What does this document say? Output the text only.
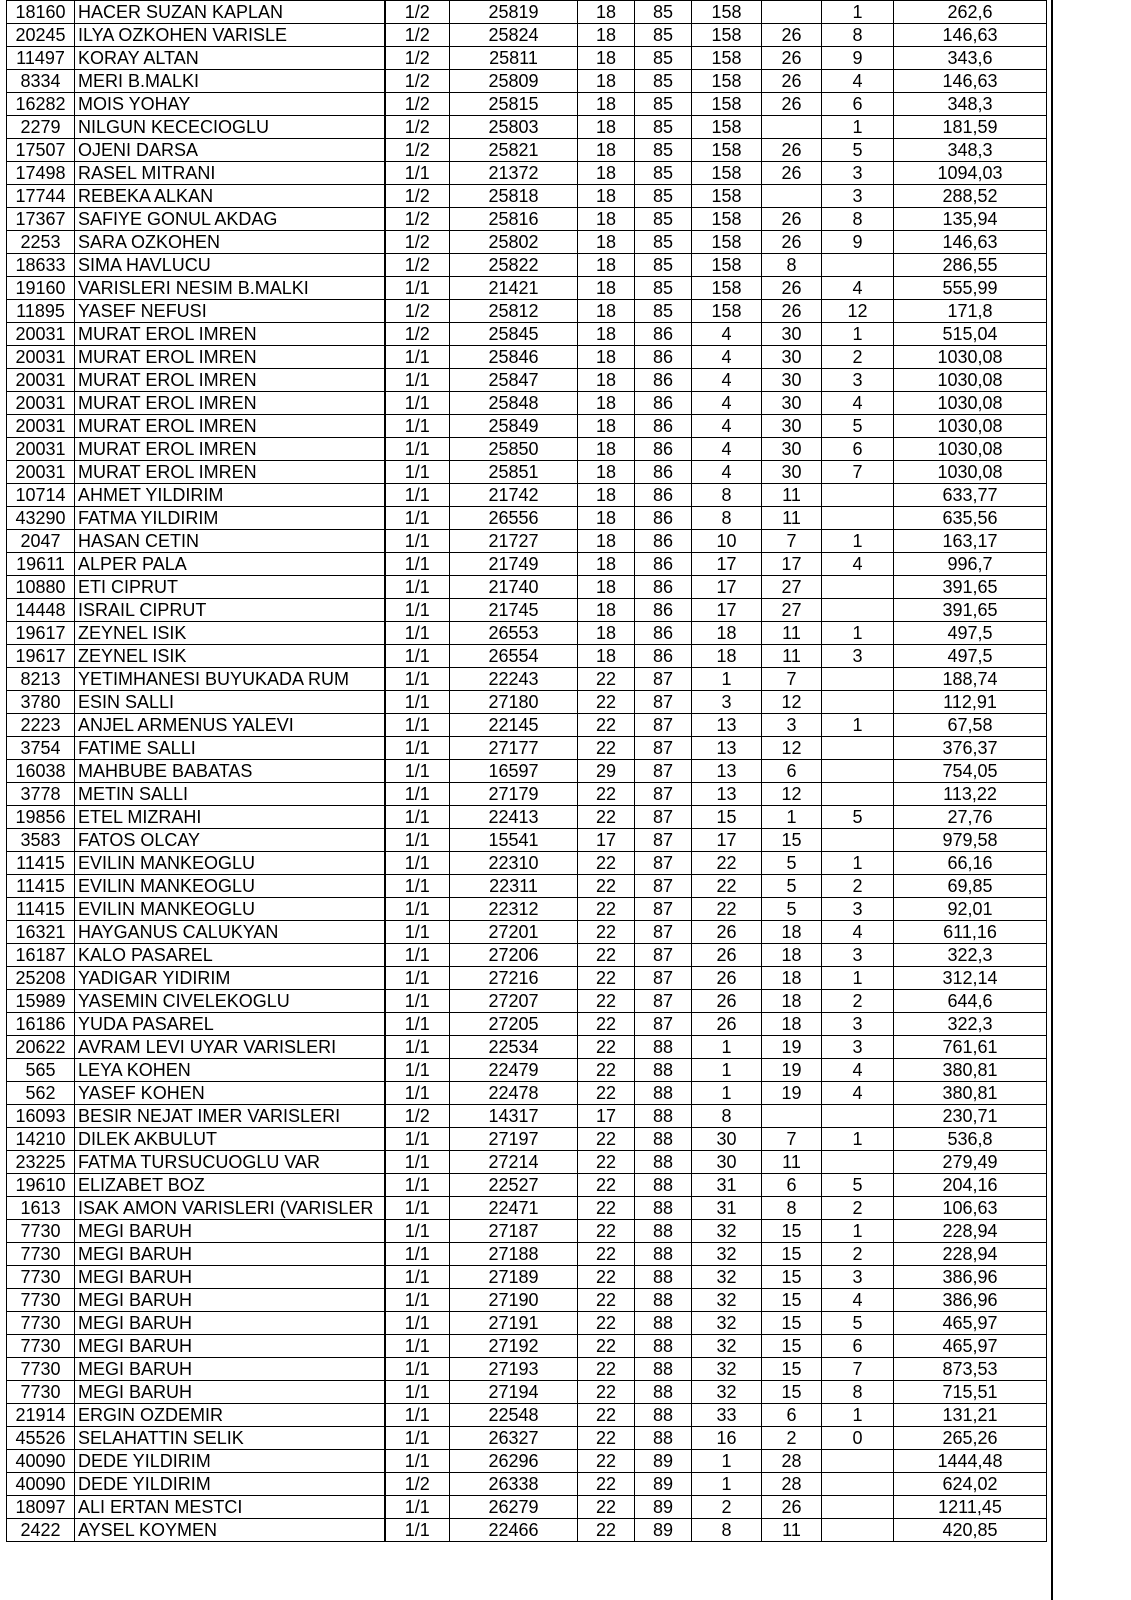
18160	HACER SUZAN KAPLAN	1/2	25819	18	85	158		1	262,6
20245	ILYA OZKOHEN VARISLE	1/2	25824	18	85	158	26	8	146,63
11497	KORAY ALTAN	1/2	25811	18	85	158	26	9	343,6
8334	MERI B.MALKI	1/2	25809	18	85	158	26	4	146,63
16282	MOIS YOHAY	1/2	25815	18	85	158	26	6	348,3
2279	NILGUN KECECIOGLU	1/2	25803	18	85	158		1	181,59
17507	OJENI DARSA	1/2	25821	18	85	158	26	5	348,3
17498	RASEL MITRANI	1/1	21372	18	85	158	26	3	1094,03
17744	REBEKA ALKAN	1/2	25818	18	85	158		3	288,52
17367	SAFIYE GONUL AKDAG	1/2	25816	18	85	158	26	8	135,94
2253	SARA OZKOHEN	1/2	25802	18	85	158	26	9	146,63
18633	SIMA HAVLUCU	1/2	25822	18	85	158	8		286,55
19160	VARISLERI NESIM B.MALKI	1/1	21421	18	85	158	26	4	555,99
11895	YASEF NEFUSI	1/2	25812	18	85	158	26	12	171,8
20031	MURAT EROL IMREN	1/2	25845	18	86	4	30	1	515,04
20031	MURAT EROL IMREN	1/1	25846	18	86	4	30	2	1030,08
20031	MURAT EROL IMREN	1/1	25847	18	86	4	30	3	1030,08
20031	MURAT EROL IMREN	1/1	25848	18	86	4	30	4	1030,08
20031	MURAT EROL IMREN	1/1	25849	18	86	4	30	5	1030,08
20031	MURAT EROL IMREN	1/1	25850	18	86	4	30	6	1030,08
20031	MURAT EROL IMREN	1/1	25851	18	86	4	30	7	1030,08
10714	AHMET YILDIRIM	1/1	21742	18	86	8	11		633,77
43290	FATMA YILDIRIM	1/1	26556	18	86	8	11		635,56
2047	HASAN CETIN	1/1	21727	18	86	10	7	1	163,17
19611	ALPER PALA	1/1	21749	18	86	17	17	4	996,7
10880	ETI CIPRUT	1/1	21740	18	86	17	27		391,65
14448	ISRAIL CIPRUT	1/1	21745	18	86	17	27		391,65
19617	ZEYNEL ISIK	1/1	26553	18	86	18	11	1	497,5
19617	ZEYNEL ISIK	1/1	26554	18	86	18	11	3	497,5
8213	YETIMHANESI BUYUKADA RUM	1/1	22243	22	87	1	7		188,74
3780	ESIN SALLI	1/1	27180	22	87	3	12		112,91
2223	ANJEL ARMENUS YALEVI	1/1	22145	22	87	13	3	1	67,58
3754	FATIME SALLI	1/1	27177	22	87	13	12		376,37
16038	MAHBUBE BABATAS	1/1	16597	29	87	13	6		754,05
3778	METIN SALLI	1/1	27179	22	87	13	12		113,22
19856	ETEL MIZRAHI	1/1	22413	22	87	15	1	5	27,76
3583	FATOS OLCAY	1/1	15541	17	87	17	15		979,58
11415	EVILIN MANKEOGLU	1/1	22310	22	87	22	5	1	66,16
11415	EVILIN MANKEOGLU	1/1	22311	22	87	22	5	2	69,85
11415	EVILIN MANKEOGLU	1/1	22312	22	87	22	5	3	92,01
16321	HAYGANUS CALUKYAN	1/1	27201	22	87	26	18	4	611,16
16187	KALO PASAREL	1/1	27206	22	87	26	18	3	322,3
25208	YADIGAR YIDIRIM	1/1	27216	22	87	26	18	1	312,14
15989	YASEMIN CIVELEKOGLU	1/1	27207	22	87	26	18	2	644,6
16186	YUDA PASAREL	1/1	27205	22	87	26	18	3	322,3
20622	AVRAM LEVI UYAR VARISLERI	1/1	22534	22	88	1	19	3	761,61
565	LEYA KOHEN	1/1	22479	22	88	1	19	4	380,81
562	YASEF KOHEN	1/1	22478	22	88	1	19	4	380,81
16093	BESIR NEJAT IMER VARISLERI	1/2	14317	17	88	8			230,71
14210	DILEK AKBULUT	1/1	27197	22	88	30	7	1	536,8
23225	FATMA TURSUCUOGLU VAR	1/1	27214	22	88	30	11		279,49
19610	ELIZABET BOZ	1/1	22527	22	88	31	6	5	204,16
1613	ISAK AMON VARISLERI (VARISLER	1/1	22471	22	88	31	8	2	106,63
7730	MEGI BARUH	1/1	27187	22	88	32	15	1	228,94
7730	MEGI BARUH	1/1	27188	22	88	32	15	2	228,94
7730	MEGI BARUH	1/1	27189	22	88	32	15	3	386,96
7730	MEGI BARUH	1/1	27190	22	88	32	15	4	386,96
7730	MEGI BARUH	1/1	27191	22	88	32	15	5	465,97
7730	MEGI BARUH	1/1	27192	22	88	32	15	6	465,97
7730	MEGI BARUH	1/1	27193	22	88	32	15	7	873,53
7730	MEGI BARUH	1/1	27194	22	88	32	15	8	715,51
21914	ERGIN OZDEMIR	1/1	22548	22	88	33	6	1	131,21
45526	SELAHATTIN SELIK	1/1	26327	22	88	16	2	0	265,26
40090	DEDE YILDIRIM	1/1	26296	22	89	1	28		1444,48
40090	DEDE YILDIRIM	1/2	26338	22	89	1	28		624,02
18097	ALI ERTAN MESTCI	1/1	26279	22	89	2	26		1211,45
2422	AYSEL KOYMEN	1/1	22466	22	89	8	11		420,85
